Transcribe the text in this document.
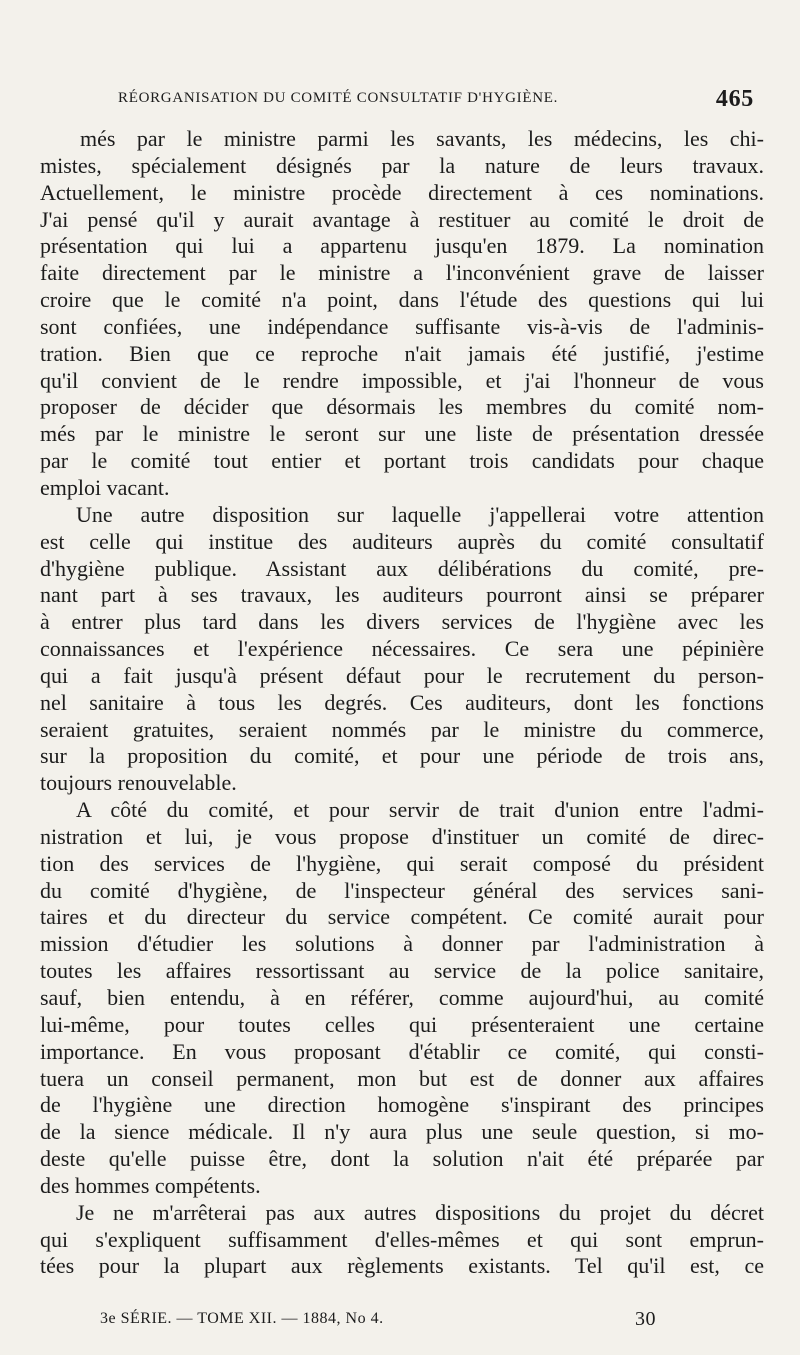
RÉORGANISATION DU COMITÉ CONSULTATIF D'HYGIÈNE.	465
més par le ministre parmi les savants, les médecins, les chi-
mistes, spécialement désignés par la nature de leurs travaux.
Actuellement, le ministre procède directement à ces nominations.
J'ai pensé qu'il y aurait avantage à restituer au comité le droit de
présentation qui lui a appartenu jusqu'en 1879. La nomination
faite directement par le ministre a l'inconvénient grave de laisser
croire que le comité n'a point, dans l'étude des questions qui lui
sont confiées, une indépendance suffisante vis-à-vis de l'adminis-
tration. Bien que ce reproche n'ait jamais été justifié, j'estime
qu'il convient de le rendre impossible, et j'ai l'honneur de vous
proposer de décider que désormais les membres du comité nom-
més par le ministre le seront sur une liste de présentation dressée
par le comité tout entier et portant trois candidats pour chaque
emploi vacant.
Une autre disposition sur laquelle j'appellerai votre attention
est celle qui institue des auditeurs auprès du comité consultatif
d'hygiène publique. Assistant aux délibérations du comité, pre-
nant part à ses travaux, les auditeurs pourront ainsi se préparer
à entrer plus tard dans les divers services de l'hygiène avec les
connaissances et l'expérience nécessaires. Ce sera une pépinière
qui a fait jusqu'à présent défaut pour le recrutement du person-
nel sanitaire à tous les degrés. Ces auditeurs, dont les fonctions
seraient gratuites, seraient nommés par le ministre du commerce,
sur la proposition du comité, et pour une période de trois ans,
toujours renouvelable.
A côté du comité, et pour servir de trait d'union entre l'admi-
nistration et lui, je vous propose d'instituer un comité de direc-
tion des services de l'hygiène, qui serait composé du président
du comité d'hygiène, de l'inspecteur général des services sani-
taires et du directeur du service compétent. Ce comité aurait pour
mission d'étudier les solutions à donner par l'administration à
toutes les affaires ressortissant au service de la police sanitaire,
sauf, bien entendu, à en référer, comme aujourd'hui, au comité
lui-même, pour toutes celles qui présenteraient une certaine
importance. En vous proposant d'établir ce comité, qui consti-
tuera un conseil permanent, mon but est de donner aux affaires
de l'hygiène une direction homogène s'inspirant des principes
de la sience médicale. Il n'y aura plus une seule question, si mo-
deste qu'elle puisse être, dont la solution n'ait été préparée par
des hommes compétents.
Je ne m'arrêterai pas aux autres dispositions du projet du décret
qui s'expliquent suffisamment d'elles-mêmes et qui sont emprun-
tées pour la plupart aux règlements existants. Tel qu'il est, ce
3e SÉRIE. — TOME XII. — 1884, No 4.	30
